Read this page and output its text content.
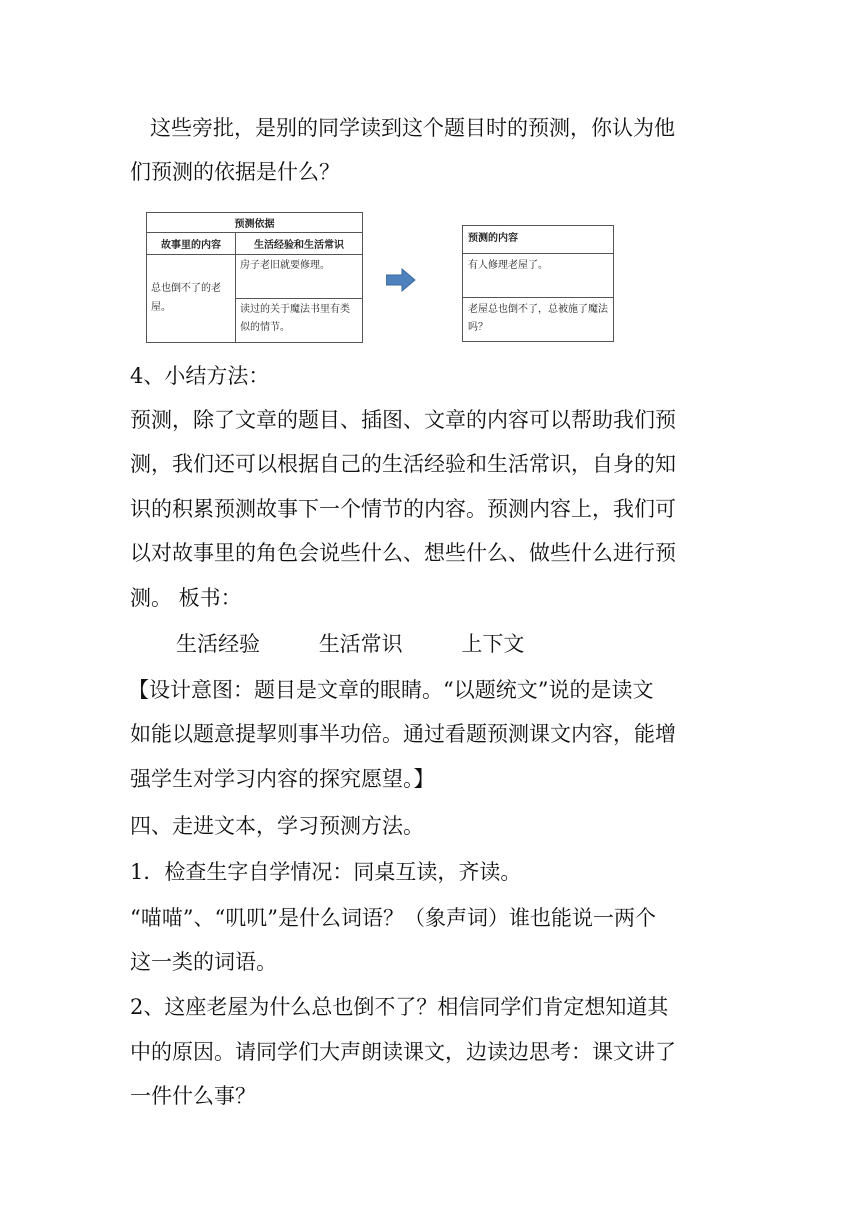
这些旁批，是别的同学读到这个题目时的预测，你认为他
们预测的依据是什么？
预测依据	
故事里的内容	生活经验和生活常识
总也倒不了的老屋。	房子老旧就要修理。
	读过的关于魔法书里有类似的情节。
预测的内容
有人修理老屋了。
老屋总也倒不了，总被施了魔法吗？
4、小结方法：
预测，除了文章的题目、插图、文章的内容可以帮助我们预
测，我们还可以根据自己的生活经验和生活常识，自身的知
识的积累预测故事下一个情节的内容。预测内容上，我们可
以对故事里的角色会说些什么、想些什么、做些什么进行预
测。 板书：
生活经验	生活常识	上下文
【设计意图：题目是文章的眼睛。“以题统文”说的是读文
如能以题意提挈则事半功倍。通过看题预测课文内容，能增
强学生对学习内容的探究愿望。】
四、走进文本，学习预测方法。
1．检查生字自学情况：同桌互读，齐读。
“喵喵”、“叽叽”是什么词语？（象声词）谁也能说一两个
这一类的词语。
2、这座老屋为什么总也倒不了？相信同学们肯定想知道其
中的原因。请同学们大声朗读课文，边读边思考：课文讲了
一件什么事？
